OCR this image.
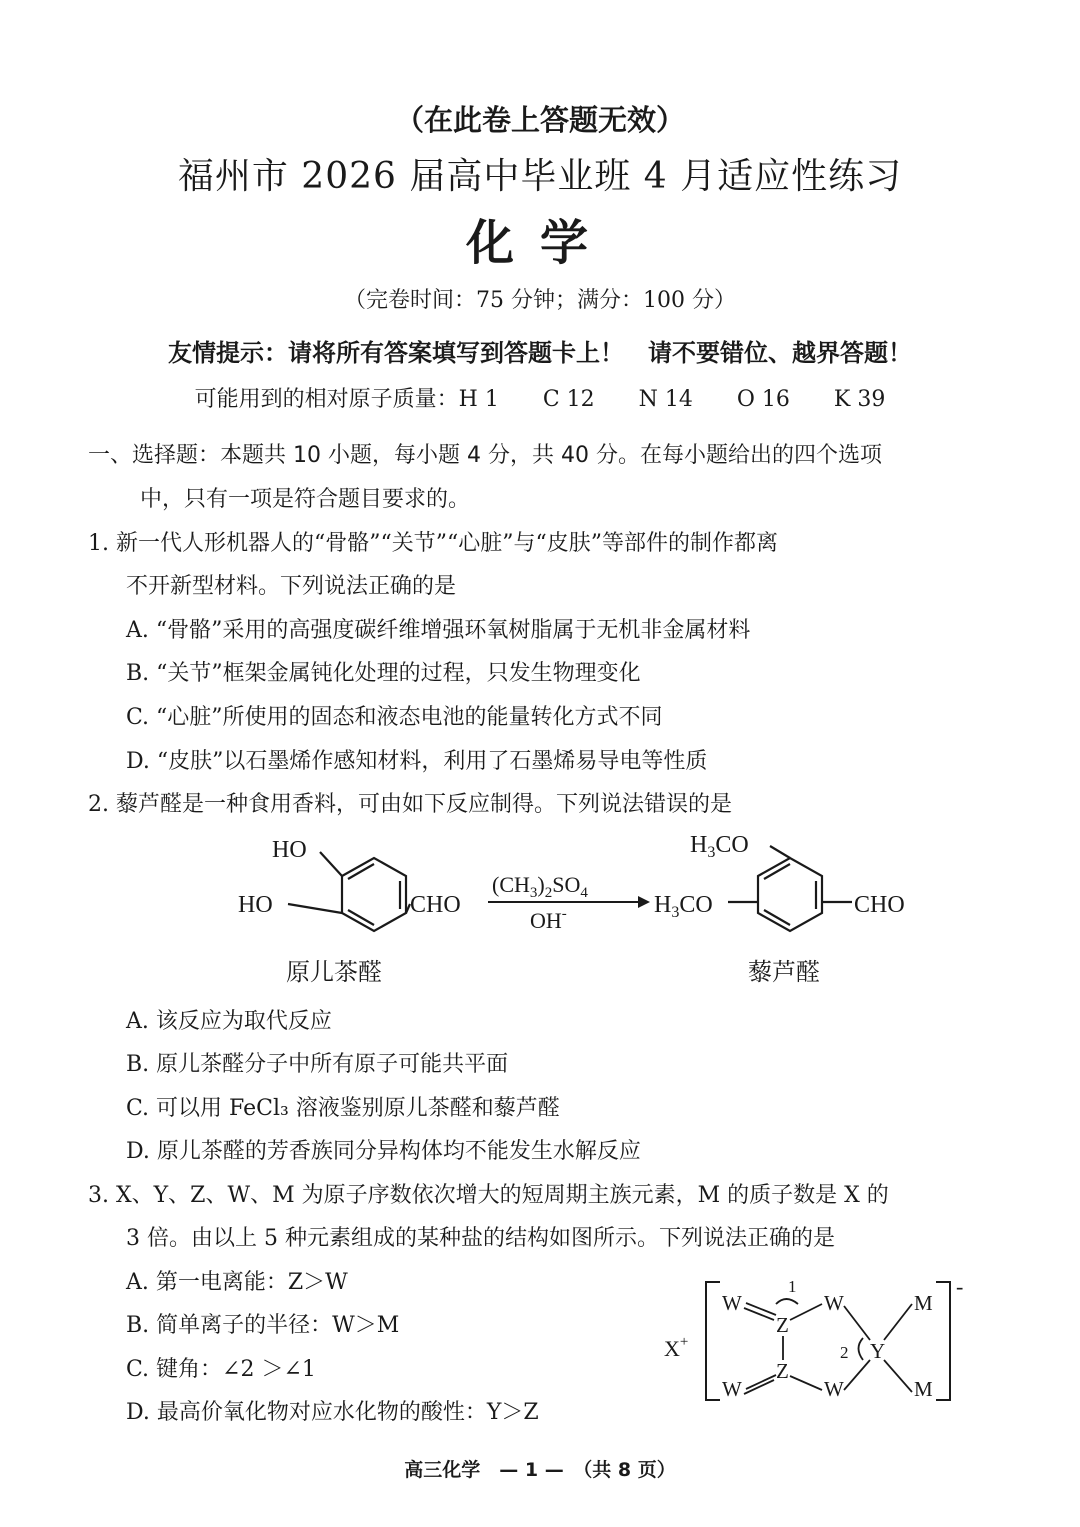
（在此卷上答题无效）
福州市 2026 届高中毕业班 4 月适应性练习
化学
（完卷时间：75 分钟；满分：100 分）
友情提示：请将所有答案填写到答题卡上！　请不要错位、越界答题！
可能用到的相对原子质量：H 1　　C 12　　N 14　　O 16　　K 39
一、选择题：本题共 10 小题，每小题 4 分，共 40 分。在每小题给出的四个选项
中，只有一项是符合题目要求的。
1. 新一代人形机器人的“骨骼”“关节”“心脏”与“皮肤”等部件的制作都离
不开新型材料。下列说法正确的是
A. “骨骼”采用的高强度碳纤维增强环氧树脂属于无机非金属材料
B. “关节”框架金属钝化处理的过程，只发生物理变化
C. “心脏”所使用的固态和液态电池的能量转化方式不同
D. “皮肤”以石墨烯作感知材料，利用了石墨烯易导电等性质
2. 藜芦醛是一种食用香料，可由如下反应制得。下列说法错误的是
HO
HO	CHO
$(CH_3)_2SO_4$
OH-
$H_3CO$
$H_3CO$	CHO
原儿茶醛	藜芦醛
A. 该反应为取代反应
B. 原儿茶醛分子中所有原子可能共平面
C. 可以用 FeCl₃ 溶液鉴别原儿茶醛和藜芦醛
D. 原儿茶醛的芳香族同分异构体均不能发生水解反应
3. X、Y、Z、W、M 为原子序数依次增大的短周期主族元素，M 的质子数是 X 的
3 倍。由以上 5 种元素组成的某种盐的结构如图所示。下列说法正确的是
A. 第一电离能：Z＞W
B. 简单离子的半径：W＞M
C. 键角：∠2 ＞∠1
D. 最高价氧化物对应水化物的酸性：Y＞Z
X+
-
W
Z
W
Y
M
Z
W	W	M
1
2
高三化学　— 1 —　（共 8 页）
